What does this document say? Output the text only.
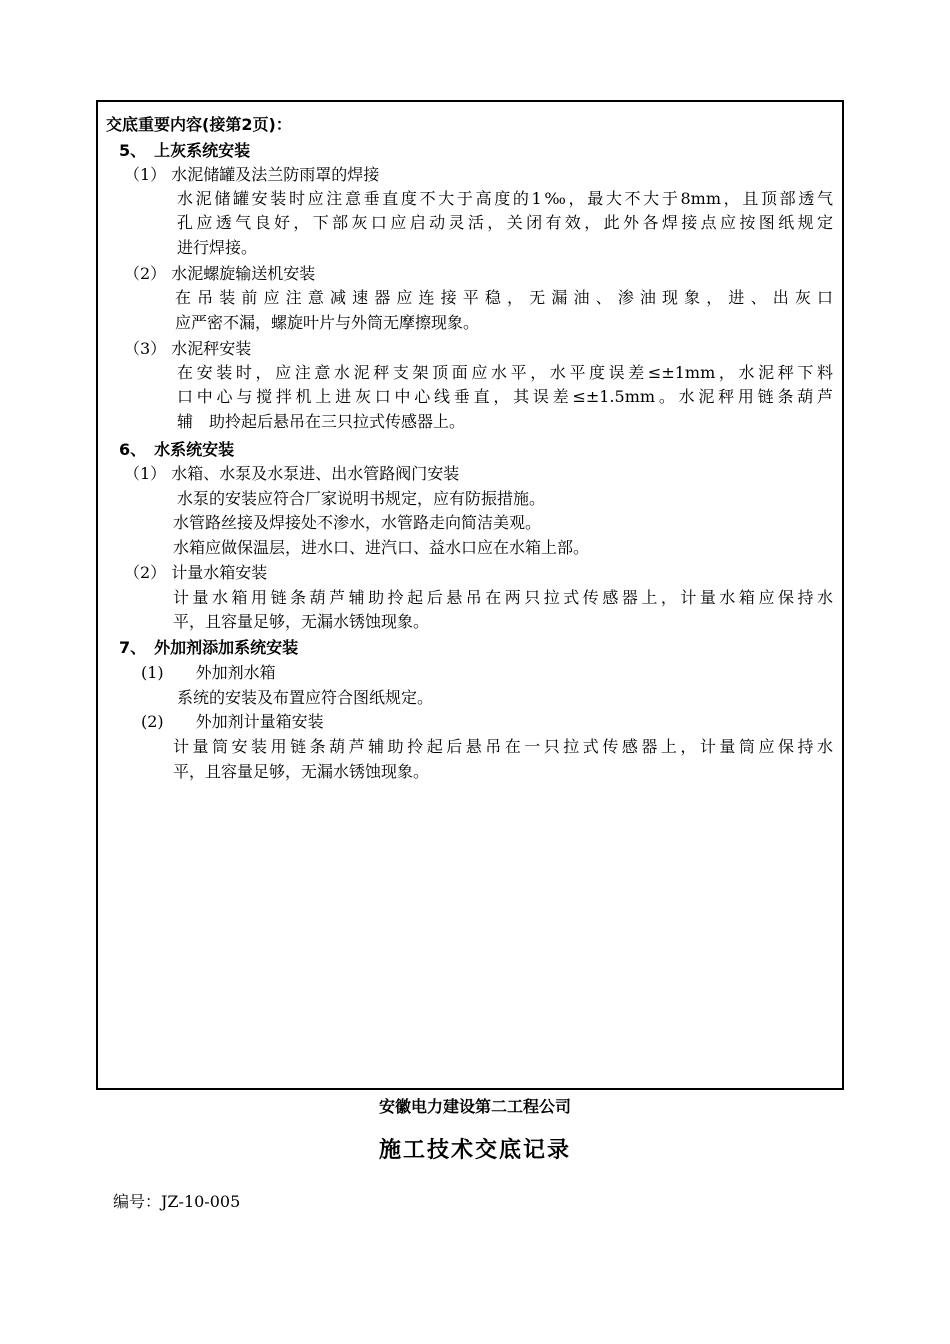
交底重要内容(接第2页)：
5、　上灰系统安装
（1） 水泥储罐及法兰防雨罩的焊接
水泥储罐安装时应注意垂直度不大于高度的1‰，最大不大于8mm，且顶部透气
孔应透气良好，下部灰口应启动灵活，关闭有效，此外各焊接点应按图纸规定
进行焊接。
（2） 水泥螺旋输送机安装
在吊装前应注意减速器应连接平稳，无漏油、渗油现象，进、出灰口
应严密不漏，螺旋叶片与外筒无摩擦现象。
（3） 水泥秤安装
在安装时，应注意水泥秤支架顶面应水平，水平度误差≤±1mm，水泥秤下料
口中心与搅拌机上进灰口中心线垂直，其误差≤±1.5mm。水泥秤用链条葫芦
辅　助拎起后悬吊在三只拉式传感器上。
6、　水系统安装
（1） 水箱、水泵及水泵进、出水管路阀门安装
水泵的安装应符合厂家说明书规定，应有防振措施。
水管路丝接及焊接处不渗水，水管路走向简洁美观。
水箱应做保温层，进水口、进汽口、益水口应在水箱上部。
（2） 计量水箱安装
计量水箱用链条葫芦辅助拎起后悬吊在两只拉式传感器上，计量水箱应保持水
平，且容量足够，无漏水锈蚀现象。
7、　外加剂添加系统安装
(1)　　外加剂水箱
系统的安装及布置应符合图纸规定。
(2)　　外加剂计量箱安装
计量筒安装用链条葫芦辅助拎起后悬吊在一只拉式传感器上，计量筒应保持水
平，且容量足够，无漏水锈蚀现象。
安徽电力建设第二工程公司
施工技术交底记录
编号：JZ-10-005
